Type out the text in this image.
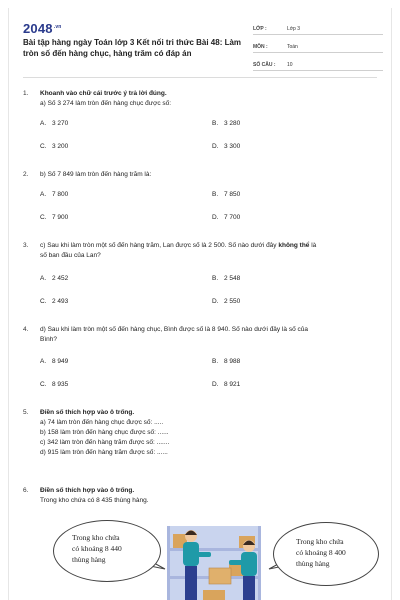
$2048^{.vn}$
Bài tập hàng ngày Toán lớp 3 Kết nối tri thức Bài 48: Làm
tròn số đến hàng chục, hàng trăm có đáp án
LỚP :	Lớp 3
MÔN :	Toán
SỐ CÂU : 10
1.	Khoanh vào chữ cái trước ý trả lời đúng.
a) Số 3 274 làm tròn đến hàng chục được số:
A. 3 270	B. 3 280
C. 3 200	D. 3 300
2.	b) Số 7 849 làm tròn đến hàng trăm là:
A. 7 800	B. 7 850
C. 7 900	D. 7 700
3.	c) Sau khi làm tròn một số đến hàng trăm, Lan được số là 2 500. Số nào dưới đây không thể là
số ban đầu của Lan?
A. 2 452	B. 2 548
C. 2 493	D. 2 550
4.	d) Sau khi làm tròn một số đến hàng chục, Bình được số là 8 940. Số nào dưới đây là số của
Bình?
A. 8 949	B. 8 988
C. 8 935	D. 8 921
5.	Điền số thích hợp vào ô trống.
a) 74 làm tròn đến hàng chục được số: .....
b) 158 làm tròn đến hàng chục được số: ......
c) 342 làm tròn đến hàng trăm được số: .......
d) 915 làm tròn đến hàng trăm được số: ......
6.	Điền số thích hợp vào ô trống.
Trong kho chứa có 8 435 thùng hàng.
Trong kho chứa
có khoảng 8 440
thùng hàng
Trong kho chứa
có khoảng 8 400
thùng hàng
